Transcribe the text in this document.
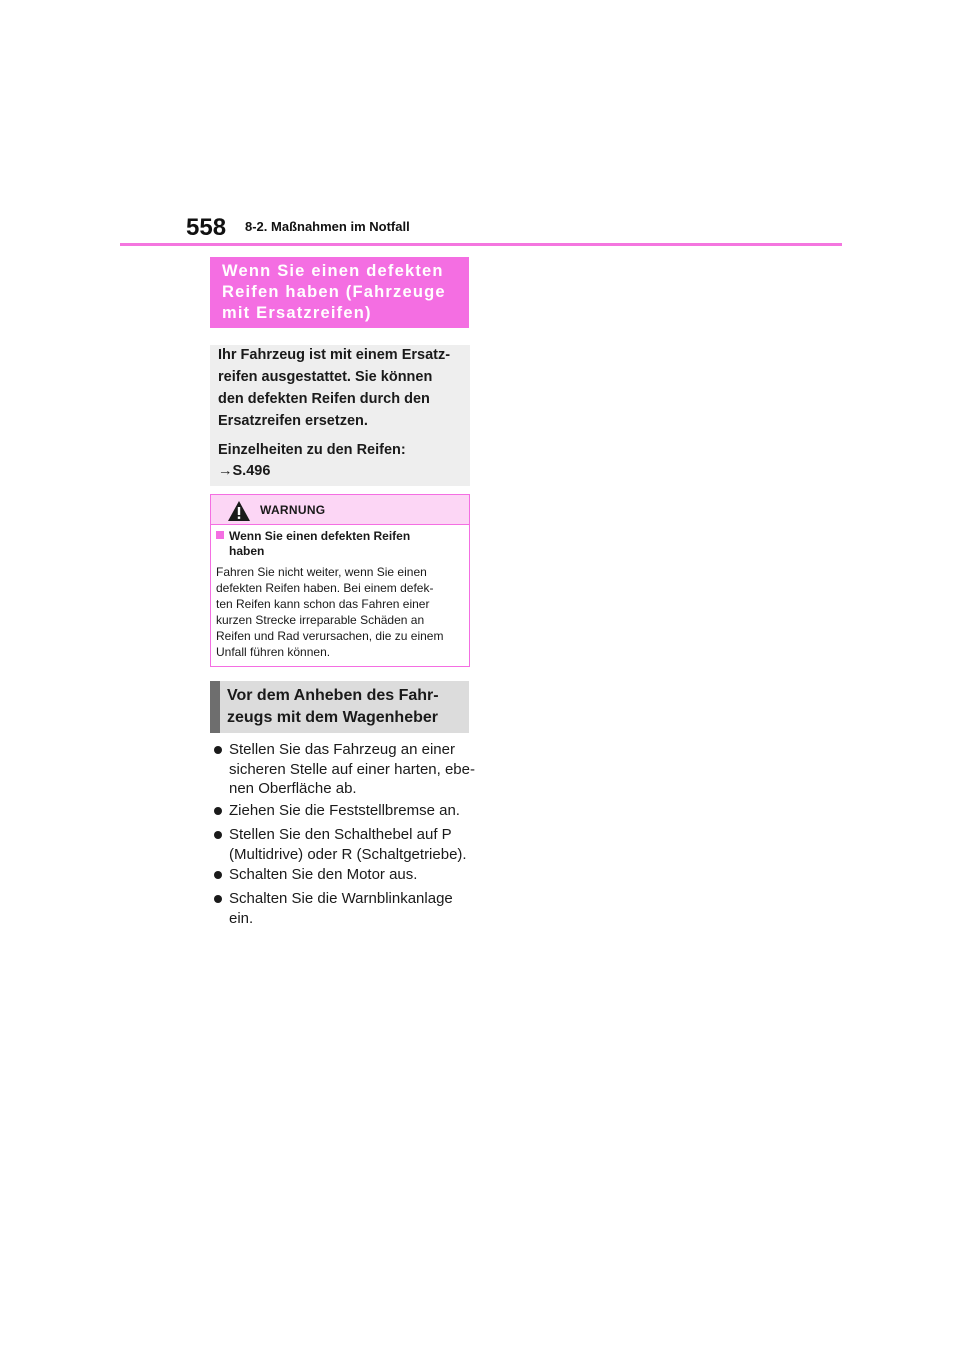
558 8-2. Maßnahmen im Notfall
Wenn Sie einen defekten
Reifen haben (Fahrzeuge
mit Ersatzreifen)
Ihr Fahrzeug ist mit einem Ersatz-
reifen ausgestattet. Sie können
den defekten Reifen durch den
Ersatzreifen ersetzen.
Einzelheiten zu den Reifen:
→S.496
WARNUNG
Wenn Sie einen defekten Reifen
haben
Fahren Sie nicht weiter, wenn Sie einen
defekten Reifen haben. Bei einem defek-
ten Reifen kann schon das Fahren einer
kurzen Strecke irreparable Schäden an
Reifen und Rad verursachen, die zu einem
Unfall führen können.
Vor dem Anheben des Fahr-
zeugs mit dem Wagenheber
Stellen Sie das Fahrzeug an einer
sicheren Stelle auf einer harten, ebe-
nen Oberfläche ab.
Ziehen Sie die Feststellbremse an.
Stellen Sie den Schalthebel auf P
(Multidrive) oder R (Schaltgetriebe).
Schalten Sie den Motor aus.
Schalten Sie die Warnblinkanlage
ein.
